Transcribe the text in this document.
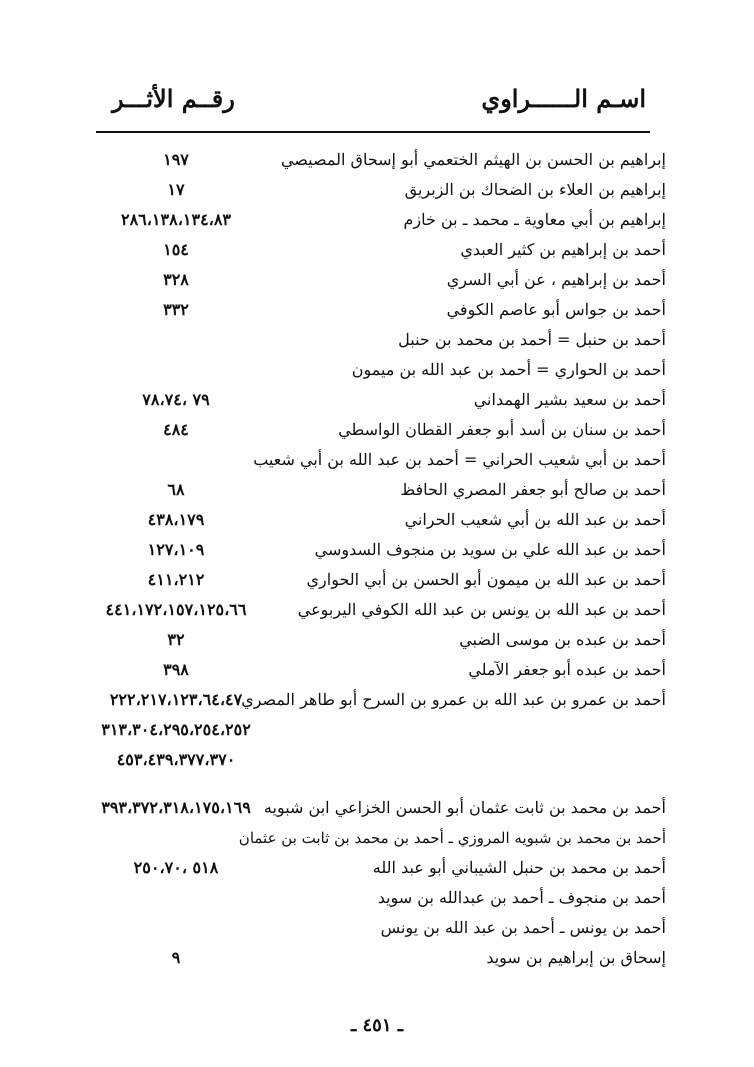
اسـم الــــــراوي
رقــم الأثـــر
إبراهيم بن الحسن بن الهيثم الختعمي أبو إسحاق المصيصي
١٩٧
إبراهيم بن العلاء بن الضحاك بن الزبريق
١٧
إبراهيم بن أبي معاوية ـ محمد ـ بن خازم
٢٨٦،١٣٨،١٣٤،٨٣
أحمد بن إبراهيم بن كثير العبدي
١٥٤
أحمد بن إبراهيم ، عن أبي السري
٣٢٨
أحمد بن جواس أبو عاصم الكوفي
٣٣٢
أحمد بن حنبل = أحمد بن محمد بن حنبل
أحمد بن الحواري = أحمد بن عبد الله بن ميمون
أحمد بن سعيد بشير الهمداني
٧٩ ،٧٨،٧٤
أحمد بن سنان بن أسد أبو جعفر القطان الواسطي
٤٨٤
أحمد بن أبي شعيب الحراني = أحمد بن عبد الله بن أبي شعيب
أحمد بن صالح أبو جعفر المصري الحافظ
٦٨
أحمد بن عبد الله بن أبي شعيب الحراني
٤٣٨،١٧٩
أحمد بن عبد الله علي بن سويد بن منجوف السدوسي
١٢٧،١٠٩
أحمد بن عبد الله بن ميمون أبو الحسن بن أبي الحواري
٤١١،٢١٢
أحمد بن عبد الله بن يونس بن عبد الله الكوفي اليربوعي
٤٤١،١٧٢،١٥٧،١٢٥،٦٦
أحمد بن عبده بن موسى الضبي
٣٢
أحمد بن عبده أبو جعفر الآملي
٣٩٨
أحمد بن عمرو بن عبد الله بن عمرو بن السرح أبو طاهر المصري
٢٢٢،٢١٧،١٢٣،٦٤،٤٧
٣١٣،٣٠٤،٢٩٥،٢٥٤،٢٥٢
٤٥٣،٤٣٩،٣٧٧،٣٧٠
أحمد بن محمد بن ثابت عثمان أبو الحسن الخزاعي ابن شبويه
٣٩٣،٣٧٢،٣١٨،١٧٥،١٦٩
أحمد بن محمد بن شبويه المروزي ـ أحمد بن محمد بن ثابت بن عثمان
أحمد بن محمد بن حنبل الشيباني أبو عبد الله
٥١٨ ،٢٥٠،٧٠
أحمد بن منجوف ـ أحمد بن عبدالله بن سويد
أحمد بن يونس ـ أحمد بن عبد الله بن يونس
إسحاق بن إبراهيم بن سويد
٩
ـ ٤٥١ ـ
